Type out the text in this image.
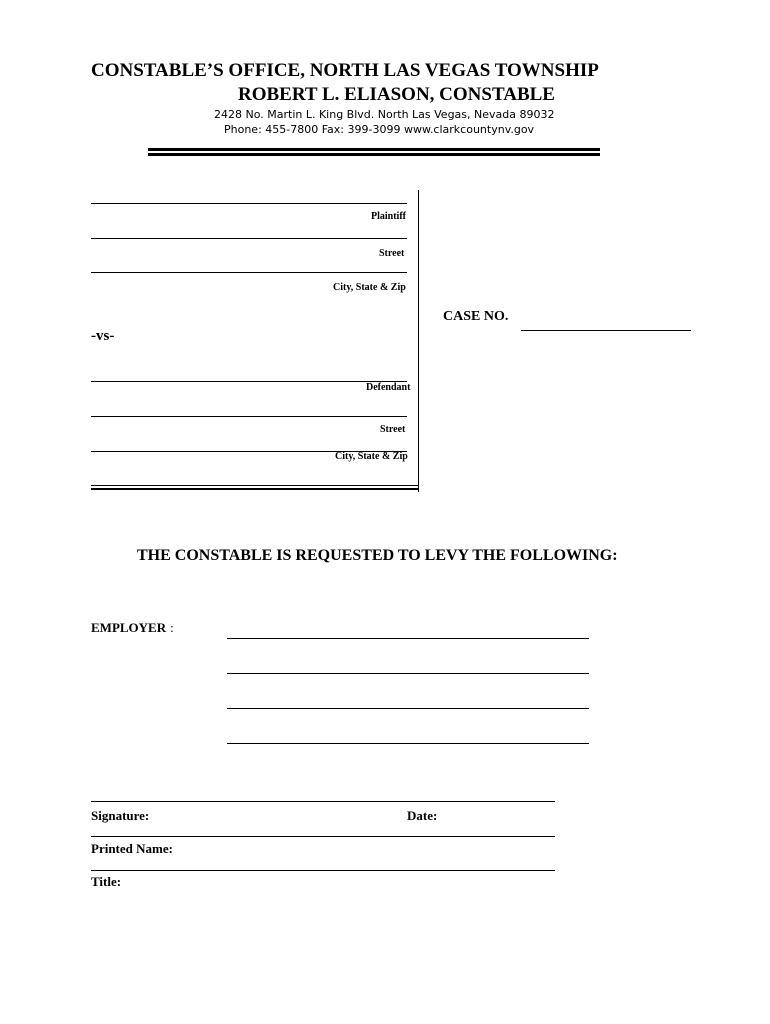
CONSTABLE’S OFFICE, NORTH LAS VEGAS TOWNSHIP
ROBERT L. ELIASON, CONSTABLE
2428 No. Martin L. King Blvd. North Las Vegas, Nevada 89032
Phone: 455-7800 Fax: 399-3099 www.clarkcountynv.gov
Plaintiff
Street
City, State & Zip
-vs-
CASE NO.
Defendant
Street
City, State & Zip
THE CONSTABLE IS REQUESTED TO LEVY THE FOLLOWING:
EMPLOYER :
Signature:	Date:
Printed Name:
Title:
